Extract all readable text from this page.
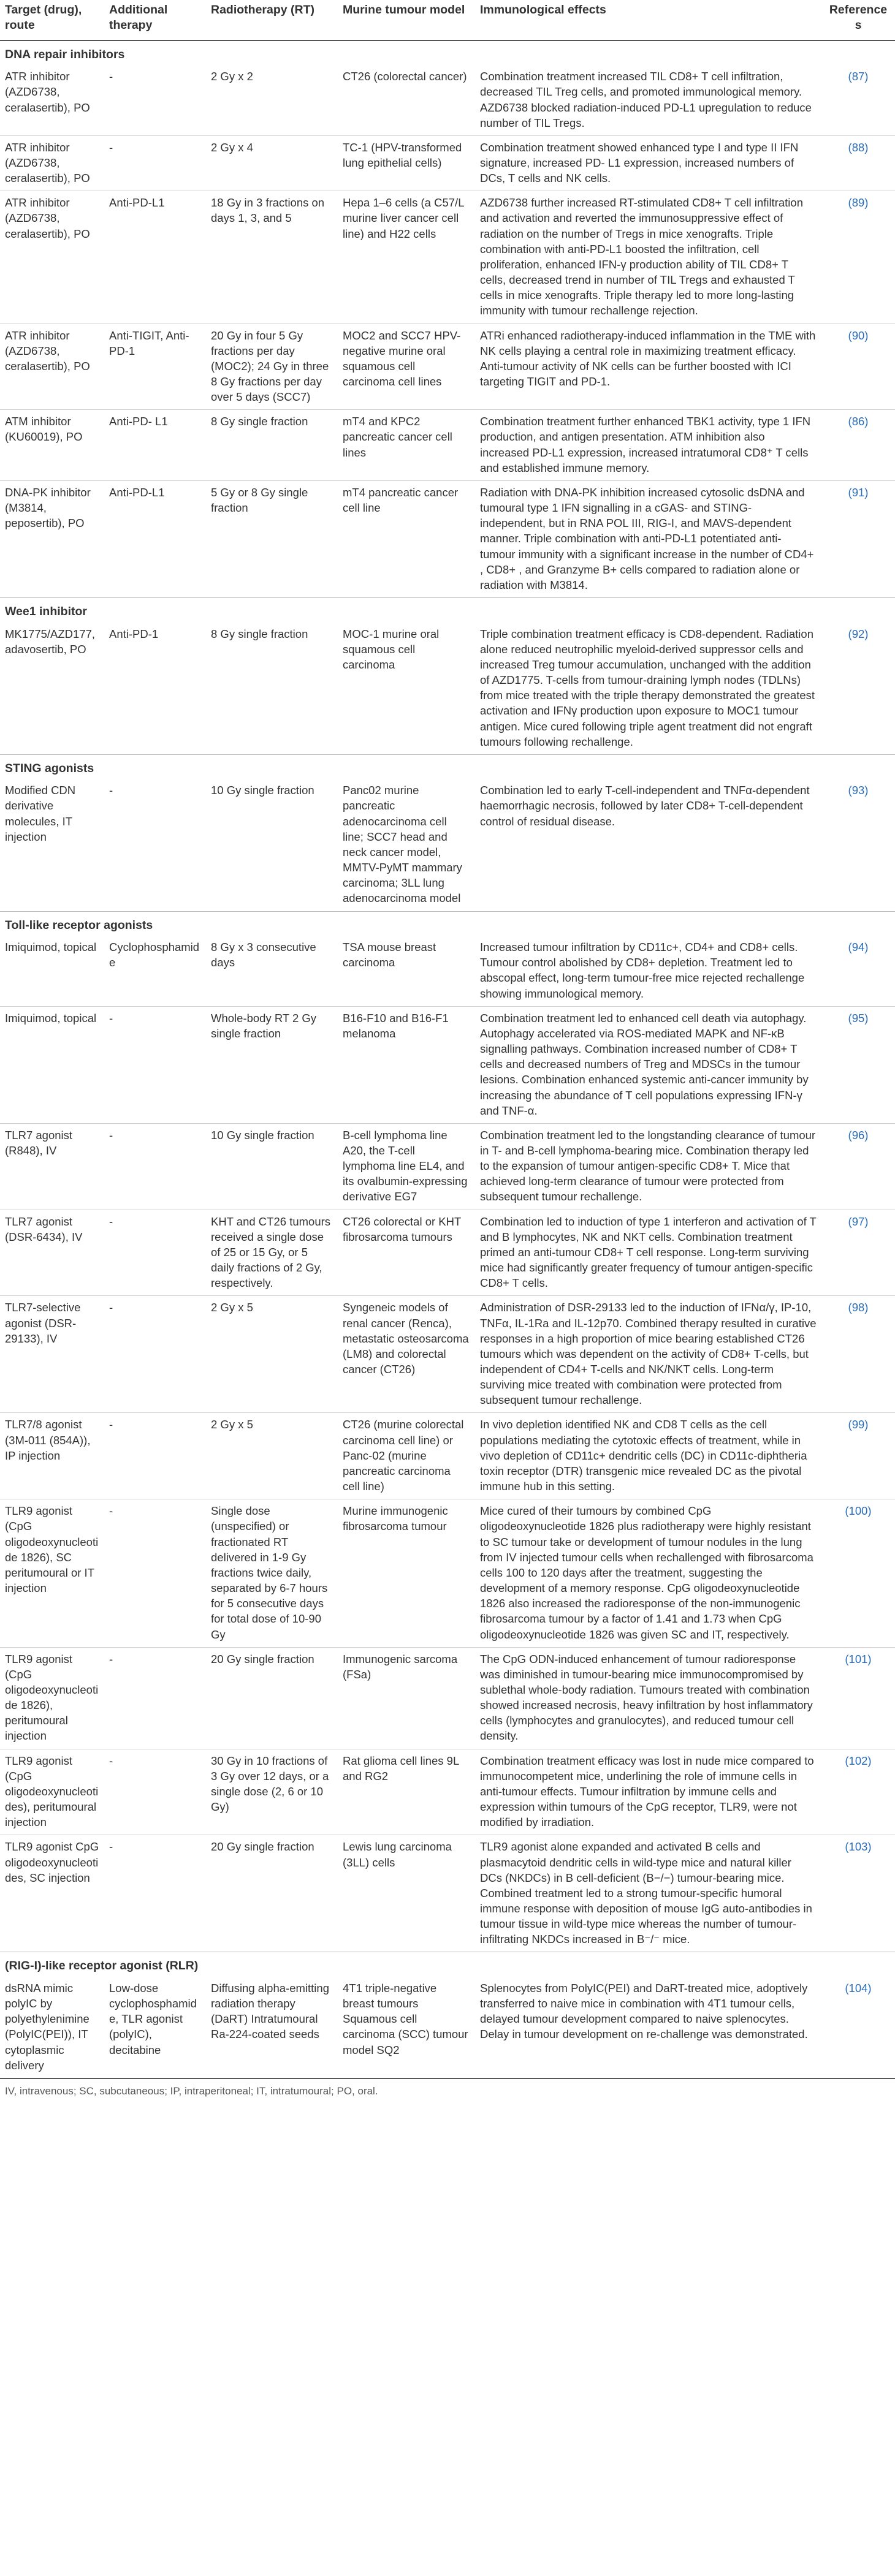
Target (drug), route	Additional therapy	Radiotherapy (RT)	Murine tumour model	Immunological effects	References
DNA repair inhibitors					
ATR inhibitor (AZD6738, ceralasertib), PO	-	2 Gy x 2	CT26 (colorectal cancer)	Combination treatment increased TIL CD8+ T cell infiltration, decreased TIL Treg cells, and promoted immunological memory. AZD6738 blocked radiation-induced PD-L1 upregulation to reduce number of TIL Tregs.	(87)
ATR inhibitor (AZD6738, ceralasertib), PO	-	2 Gy x 4	TC-1 (HPV-transformed lung epithelial cells)	Combination treatment showed enhanced type I and type II IFN signature, increased PD- L1 expression, increased numbers of DCs, T cells and NK cells.	(88)
ATR inhibitor (AZD6738, ceralasertib), PO	Anti-PD-L1	18 Gy in 3 fractions on days 1, 3, and 5	Hepa 1–6 cells (a C57/L murine liver cancer cell line) and H22 cells	AZD6738 further increased RT-stimulated CD8+ T cell infiltration and activation and reverted the immunosuppressive effect of radiation on the number of Tregs in mice xenografts. Triple combination with anti-PD-L1 boosted the infiltration, cell proliferation, enhanced IFN-γ production ability of TIL CD8+ T cells, decreased trend in number of TIL Tregs and exhausted T cells in mice xenografts. Triple therapy led to more long-lasting immunity with tumour rechallenge rejection.	(89)
ATR inhibitor (AZD6738, ceralasertib), PO	Anti-TIGIT, Anti-PD-1	20 Gy in four 5 Gy fractions per day (MOC2); 24 Gy in three 8 Gy fractions per day over 5 days (SCC7)	MOC2 and SCC7 HPV-negative murine oral squamous cell carcinoma cell lines	ATRi enhanced radiotherapy-induced inflammation in the TME with NK cells playing a central role in maximizing treatment efficacy. Anti-tumour activity of NK cells can be further boosted with ICI targeting TIGIT and PD-1.	(90)
ATM inhibitor (KU60019), PO	Anti-PD- L1	8 Gy single fraction	mT4 and KPC2 pancreatic cancer cell lines	Combination treatment further enhanced TBK1 activity, type 1 IFN production, and antigen presentation. ATM inhibition also increased PD-L1 expression, increased intratumoral CD8⁺ T cells and established immune memory.	(86)
DNA-PK inhibitor (M3814, peposertib), PO	Anti-PD-L1	5 Gy or 8 Gy single fraction	mT4 pancreatic cancer cell line	Radiation with DNA-PK inhibition increased cytosolic dsDNA and tumoural type 1 IFN signalling in a cGAS- and STING-independent, but in RNA POL III, RIG-I, and MAVS-dependent manner. Triple combination with anti-PD-L1 potentiated anti-tumour immunity with a significant increase in the number of CD4+ , CD8+ , and Granzyme B+ cells compared to radiation alone or radiation with M3814.	(91)
Wee1 inhibitor					
MK1775/AZD177, adavosertib, PO	Anti-PD-1	8 Gy single fraction	MOC-1 murine oral squamous cell carcinoma	Triple combination treatment efficacy is CD8-dependent. Radiation alone reduced neutrophilic myeloid-derived suppressor cells and increased Treg tumour accumulation, unchanged with the addition of AZD1775. T-cells from tumour-draining lymph nodes (TDLNs) from mice treated with the triple therapy demonstrated the greatest activation and IFNγ production upon exposure to MOC1 tumour antigen. Mice cured following triple agent treatment did not engraft tumours following rechallenge.	(92)
STING agonists					
Modified CDN derivative molecules, IT injection	-	10 Gy single fraction	Panc02 murine pancreatic adenocarcinoma cell line; SCC7 head and neck cancer model, MMTV-PyMT mammary carcinoma; 3LL lung adenocarcinoma model	Combination led to early T-cell-independent and TNFα-dependent haemorrhagic necrosis, followed by later CD8+ T-cell-dependent control of residual disease.	(93)
Toll-like receptor agonists					
Imiquimod, topical	Cyclophosphamide	8 Gy x 3 consecutive days	TSA mouse breast carcinoma	Increased tumour infiltration by CD11c+, CD4+ and CD8+ cells. Tumour control abolished by CD8+ depletion. Treatment led to abscopal effect, long-term tumour-free mice rejected rechallenge showing immunological memory.	(94)
Imiquimod, topical	-	Whole-body RT 2 Gy single fraction	B16-F10 and B16-F1 melanoma	Combination treatment led to enhanced cell death via autophagy. Autophagy accelerated via ROS-mediated MAPK and NF-κB signalling pathways. Combination increased number of CD8+ T cells and decreased numbers of Treg and MDSCs in the tumour lesions. Combination enhanced systemic anti-cancer immunity by increasing the abundance of T cell populations expressing IFN-γ and TNF-α.	(95)
TLR7 agonist (R848), IV	-	10 Gy single fraction	B-cell lymphoma line A20, the T-cell lymphoma line EL4, and its ovalbumin-expressing derivative EG7	Combination treatment led to the longstanding clearance of tumour in T- and B-cell lymphoma-bearing mice. Combination therapy led to the expansion of tumour antigen-specific CD8+ T. Mice that achieved long-term clearance of tumour were protected from subsequent tumour rechallenge.	(96)
TLR7 agonist (DSR-6434), IV	-	KHT and CT26 tumours received a single dose of 25 or 15 Gy, or 5 daily fractions of 2 Gy, respectively.	CT26 colorectal or KHT fibrosarcoma tumours	Combination led to induction of type 1 interferon and activation of T and B lymphocytes, NK and NKT cells. Combination treatment primed an anti-tumour CD8+ T cell response. Long-term surviving mice had significantly greater frequency of tumour antigen-specific CD8+ T cells.	(97)
TLR7-selective agonist (DSR-29133), IV	-	2 Gy x 5	Syngeneic models of renal cancer (Renca), metastatic osteosarcoma (LM8) and colorectal cancer (CT26)	Administration of DSR-29133 led to the induction of IFNα/γ, IP-10, TNFα, IL-1Ra and IL-12p70. Combined therapy resulted in curative responses in a high proportion of mice bearing established CT26 tumours which was dependent on the activity of CD8+ T-cells, but independent of CD4+ T-cells and NK/NKT cells. Long-term surviving mice treated with combination were protected from subsequent tumour rechallenge.	(98)
TLR7/8 agonist (3M-011 (854A)), IP injection	-	2 Gy x 5	CT26 (murine colorectal carcinoma cell line) or Panc-02 (murine pancreatic carcinoma cell line)	In vivo depletion identified NK and CD8 T cells as the cell populations mediating the cytotoxic effects of treatment, while in vivo depletion of CD11c+ dendritic cells (DC) in CD11c-diphtheria toxin receptor (DTR) transgenic mice revealed DC as the pivotal immune hub in this setting.	(99)
TLR9 agonist (CpG oligodeoxynucleotide 1826), SC peritumoural or IT injection	-	Single dose (unspecified) or fractionated RT delivered in 1-9 Gy fractions twice daily, separated by 6-7 hours for 5 consecutive days for total dose of 10-90 Gy	Murine immunogenic fibrosarcoma tumour	Mice cured of their tumours by combined CpG oligodeoxynucleotide 1826 plus radiotherapy were highly resistant to SC tumour take or development of tumour nodules in the lung from IV injected tumour cells when rechallenged with fibrosarcoma cells 100 to 120 days after the treatment, suggesting the development of a memory response. CpG oligodeoxynucleotide 1826 also increased the radioresponse of the non-immunogenic fibrosarcoma tumour by a factor of 1.41 and 1.73 when CpG oligodeoxynucleotide 1826 was given SC and IT, respectively.	(100)
TLR9 agonist (CpG oligodeoxynucleotide 1826), peritumoural injection	-	20 Gy single fraction	Immunogenic sarcoma (FSa)	The CpG ODN-induced enhancement of tumour radioresponse was diminished in tumour-bearing mice immunocompromised by sublethal whole-body radiation. Tumours treated with combination showed increased necrosis, heavy infiltration by host inflammatory cells (lymphocytes and granulocytes), and reduced tumour cell density.	(101)
TLR9 agonist (CpG oligodeoxynucleotides), peritumoural injection	-	30 Gy in 10 fractions of 3 Gy over 12 days, or a single dose (2, 6 or 10 Gy)	Rat glioma cell lines 9L and RG2	Combination treatment efficacy was lost in nude mice compared to immunocompetent mice, underlining the role of immune cells in anti-tumour effects. Tumour infiltration by immune cells and expression within tumours of the CpG receptor, TLR9, were not modified by irradiation.	(102)
TLR9 agonist CpG oligodeoxynucleotides, SC injection	-	20 Gy single fraction	Lewis lung carcinoma (3LL) cells	TLR9 agonist alone expanded and activated B cells and plasmacytoid dendritic cells in wild-type mice and natural killer DCs (NKDCs) in B cell-deficient (B−/−) tumour-bearing mice. Combined treatment led to a strong tumour-specific humoral immune response with deposition of mouse IgG auto-antibodies in tumour tissue in wild-type mice whereas the number of tumour-infiltrating NKDCs increased in B⁻/⁻ mice.	(103)
(RIG-I)-like receptor agonist (RLR)					
dsRNA mimic polyIC by polyethylenimine (PolyIC(PEI)), IT cytoplasmic delivery	Low-dose cyclophosphamide, TLR agonist (polyIC), decitabine	Diffusing alpha-emitting radiation therapy (DaRT) Intratumoural Ra-224-coated seeds	4T1 triple-negative breast tumours Squamous cell carcinoma (SCC) tumour model SQ2	Splenocytes from PolyIC(PEI) and DaRT-treated mice, adoptively transferred to naive mice in combination with 4T1 tumour cells, delayed tumour development compared to naive splenocytes. Delay in tumour development on re-challenge was demonstrated.	(104)
IV, intravenous; SC, subcutaneous; IP, intraperitoneal; IT, intratumoural; PO, oral.
